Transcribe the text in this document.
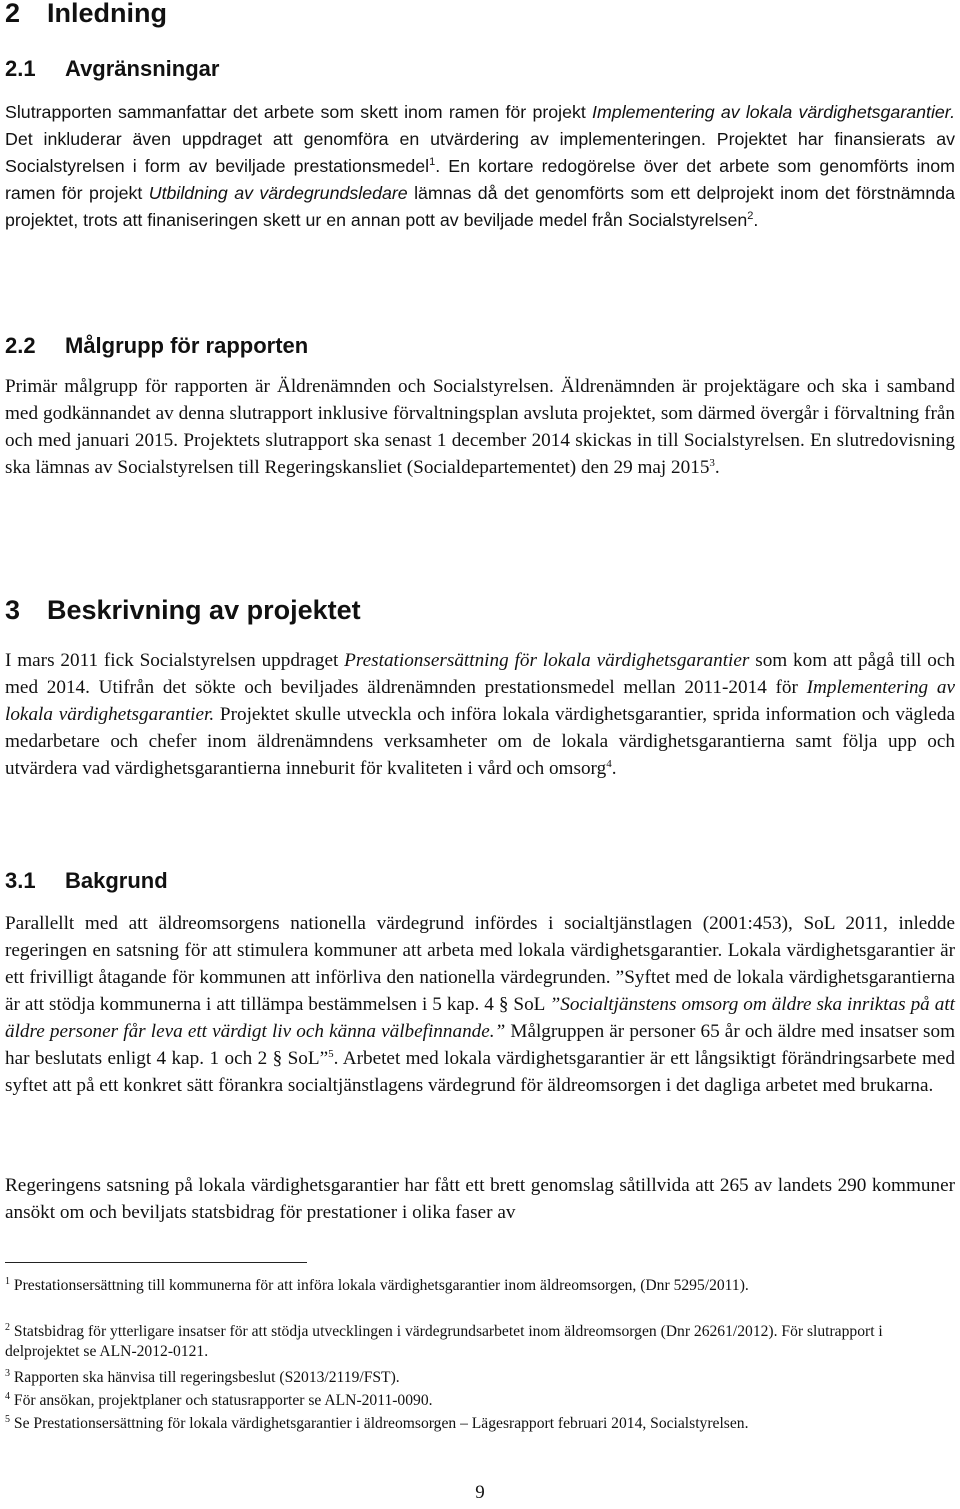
2 Inledning
2.1 Avgränsningar

Slutrapporten sammanfattar det arbete som skett inom ramen för projekt Implementering av lokala värdighetsgarantier. Det inkluderar även uppdraget att genomföra en utvärdering av implementeringen. Projektet har finansierats av Socialstyrelsen i form av beviljade prestationsmedel$^1$. En kortare redogörelse över det arbete som genomförts inom ramen för projekt Utbildning av värdegrundsledare lämnas då det genomförts som ett delprojekt inom det förstnämnda projektet, trots att finaniseringen skett ur en annan pott av beviljade medel från Socialstyrelsen$^2$.

2.2 Målgrupp för rapporten

Primär målgrupp för rapporten är Äldrenämnden och Socialstyrelsen. Äldrenämnden är projektägare och ska i samband med godkännandet av denna slutrapport inklusive förvaltningsplan avsluta projektet, som därmed övergår i förvaltning från och med januari 2015. Projektets slutrapport ska senast 1 december 2014 skickas in till Socialstyrelsen. En slutredovisning ska lämnas av Socialstyrelsen till Regeringskansliet (Socialdepartementet) den 29 maj 2015$^3$.

3 Beskrivning av projektet

I mars 2011 fick Socialstyrelsen uppdraget Prestationsersättning för lokala värdighetsgarantier som kom att pågå till och med 2014. Utifrån det sökte och beviljades äldrenämnden prestationsmedel mellan 2011-2014 för Implementering av lokala värdighetsgarantier. Projektet skulle utveckla och införa lokala värdighetsgarantier, sprida information och vägleda medarbetare och chefer inom äldrenämndens verksamheter om de lokala värdighetsgarantierna samt följa upp och utvärdera vad värdighetsgarantierna inneburit för kvaliteten i vård och omsorg$^4$.

3.1 Bakgrund

Parallellt med att äldreomsorgens nationella värdegrund infördes i socialtjänstlagen (2001:453), SoL 2011, inledde regeringen en satsning för att stimulera kommuner att arbeta med lokala värdighetsgarantier. Lokala värdighetsgarantier är ett frivilligt åtagande för kommunen att införliva den nationella värdegrunden. ”Syftet med de lokala värdighetsgarantierna är att stödja kommunerna i att tillämpa bestämmelsen i 5 kap. 4 § SoL ”Socialtjänstens omsorg om äldre ska inriktas på att äldre personer får leva ett värdigt liv och känna välbefinnande.” Målgruppen är personer 65 år och äldre med insatser som har beslutats enligt 4 kap. 1 och 2 § SoL”$^5$. Arbetet med lokala värdighetsgarantier är ett långsiktigt förändringsarbete med syftet att på ett konkret sätt förankra socialtjänstlagens värdegrund för äldreomsorgen i det dagliga arbetet med brukarna.

Regeringens satsning på lokala värdighetsgarantier har fått ett brett genomslag såtillvida att 265 av landets 290 kommuner ansökt om och beviljats statsbidrag för prestationer i olika faser av

$^1$ Prestationsersättning till kommunerna för att införa lokala värdighetsgarantier inom äldreomsorgen, (Dnr 5295/2011).

$^2$ Statsbidrag för ytterligare insatser för att stödja utvecklingen i värdegrundsarbetet inom äldreomsorgen (Dnr 26261/2012). För slutrapport i delprojektet se ALN-2012-0121.

$^3$ Rapporten ska hänvisa till regeringsbeslut (S2013/2119/FST).

$^4$ För ansökan, projektplaner och statusrapporter se ALN-2011-0090.

$^5$ Se Prestationsersättning för lokala värdighetsgarantier i äldreomsorgen – Lägesrapport februari 2014, Socialstyrelsen.

9
